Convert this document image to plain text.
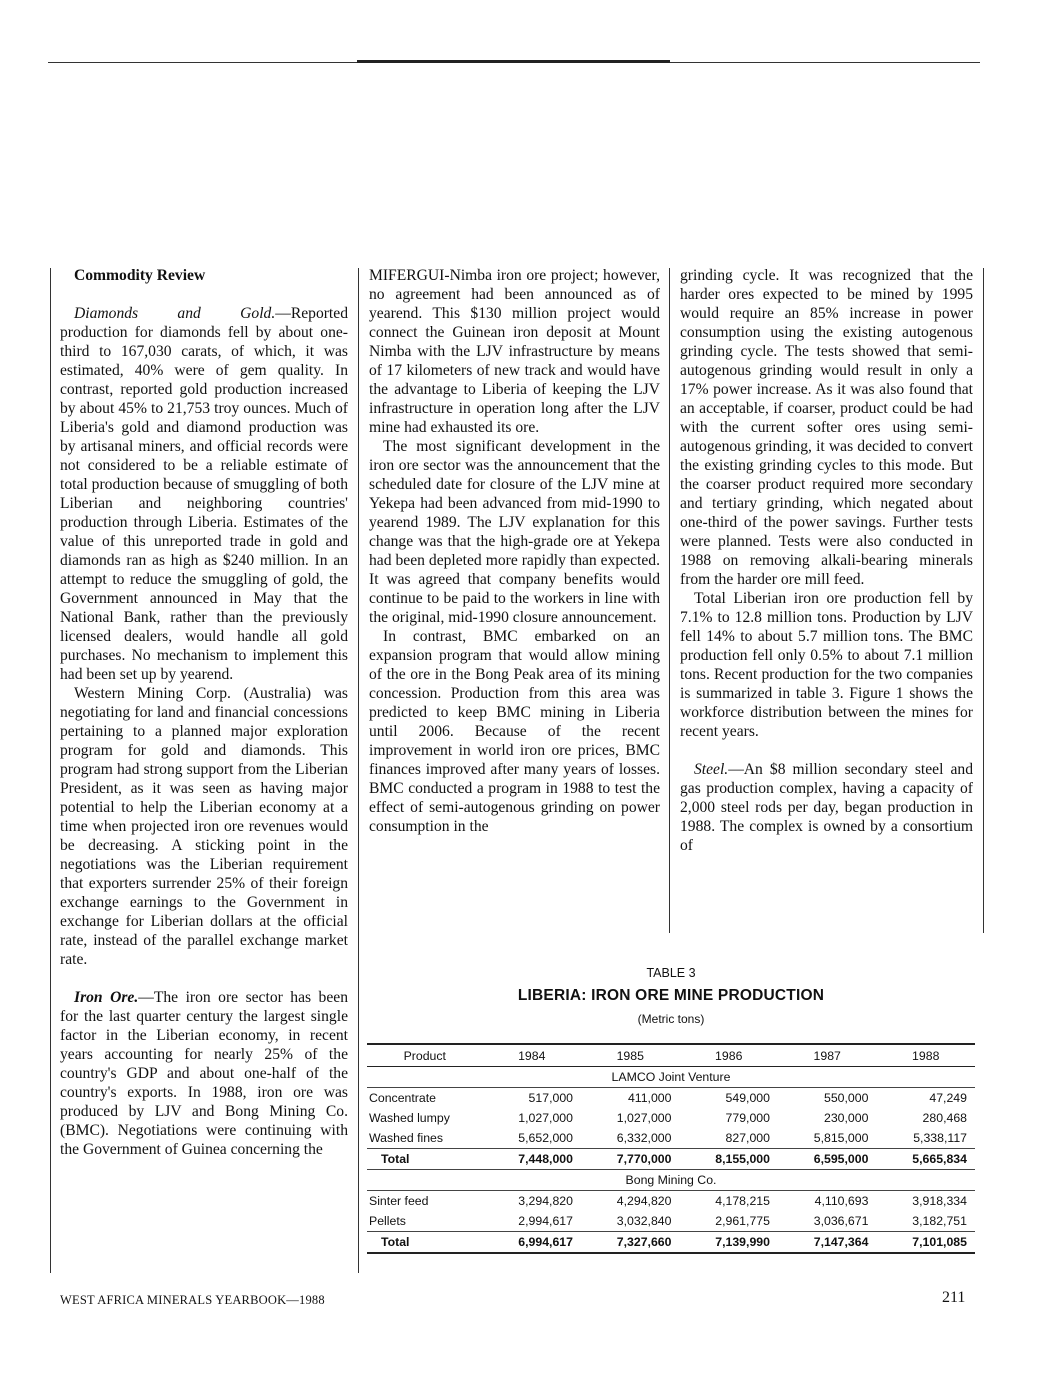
Commodity Review

Diamonds and Gold.—Reported production for diamonds fell by about one-third to 167,030 carats, of which, it was estimated, 40% were of gem quality. In contrast, reported gold production increased by about 45% to 21,753 troy ounces. Much of Liberia's gold and diamond production was by artisanal miners, and official records were not considered to be a reliable estimate of total production because of smuggling of both Liberian and neighboring countries' production through Liberia. Estimates of the value of this unreported trade in gold and diamonds ran as high as $240 million. In an attempt to reduce the smuggling of gold, the Government announced in May that the National Bank, rather than the previously licensed dealers, would handle all gold purchases. No mechanism to implement this had been set up by yearend.

Western Mining Corp. (Australia) was negotiating for land and financial concessions pertaining to a planned major exploration program for gold and diamonds. This program had strong support from the Liberian President, as it was seen as having major potential to help the Liberian economy at a time when projected iron ore revenues would be decreasing. A sticking point in the negotiations was the Liberian requirement that exporters surrender 25% of their foreign exchange earnings to the Government in exchange for Liberian dollars at the official rate, instead of the parallel exchange market rate.

Iron Ore.—The iron ore sector has been for the last quarter century the largest single factor in the Liberian economy, in recent years accounting for nearly 25% of the country's GDP and about one-half of the country's exports. In 1988, iron ore was produced by LJV and Bong Mining Co. (BMC). Negotiations were continuing with the Government of Guinea concerning the

MIFERGUI-Nimba iron ore project; however, no agreement had been announced as of yearend. This $130 million project would connect the Guinean iron deposit at Mount Nimba with the LJV infrastructure by means of 17 kilometers of new track and would have the advantage to Liberia of keeping the LJV infrastructure in operation long after the LJV mine had exhausted its ore.

The most significant development in the iron ore sector was the announcement that the scheduled date for closure of the LJV mine at Yekepa had been advanced from mid-1990 to yearend 1989. The LJV explanation for this change was that the high-grade ore at Yekepa had been depleted more rapidly than expected. It was agreed that company benefits would continue to be paid to the workers in line with the original, mid-1990 closure announcement.

In contrast, BMC embarked on an expansion program that would allow mining of the ore in the Bong Peak area of its mining concession. Production from this area was predicted to keep BMC mining in Liberia until 2006. Because of the recent improvement in world iron ore prices, BMC finances improved after many years of losses. BMC conducted a program in 1988 to test the effect of semi-autogenous grinding on power consumption in the

grinding cycle. It was recognized that the harder ores expected to be mined by 1995 would require an 85% increase in power consumption using the existing autogenous grinding cycle. The tests showed that semi-autogenous grinding would result in only a 17% power increase. As it was also found that an acceptable, if coarser, product could be had with the current softer ores using semi-autogenous grinding, it was decided to convert the existing grinding cycles to this mode. But the coarser product required more secondary and tertiary grinding, which negated about one-third of the power savings. Further tests were planned. Tests were also conducted in 1988 on removing alkali-bearing minerals from the harder ore mill feed.

Total Liberian iron ore production fell by 7.1% to 12.8 million tons. Production by LJV fell 14% to about 5.7 million tons. The BMC production fell only 0.5% to about 7.1 million tons. Recent production for the two companies is summarized in table 3. Figure 1 shows the workforce distribution between the mines for recent years.

Steel.—An $8 million secondary steel and gas production complex, having a capacity of 2,000 steel rods per day, began production in 1988. The complex is owned by a consortium of

TABLE 3
LIBERIA: IRON ORE MINE PRODUCTION
(Metric tons)
Product	1984	1985	1986	1987	1988
LAMCO Joint Venture					
Concentrate	517,000	411,000	549,000	550,000	47,249
Washed lumpy	1,027,000	1,027,000	779,000	230,000	280,468
Washed fines	5,652,000	6,332,000	827,000	5,815,000	5,338,117
Total	7,448,000	7,770,000	8,155,000	6,595,000	5,665,834
Bong Mining Co.					
Sinter feed	3,294,820	4,294,820	4,178,215	4,110,693	3,918,334
Pellets	2,994,617	3,032,840	2,961,775	3,036,671	3,182,751
Total	6,994,617	7,327,660	7,139,990	7,147,364	7,101,085
WEST AFRICA MINERALS YEARBOOK—1988	211
